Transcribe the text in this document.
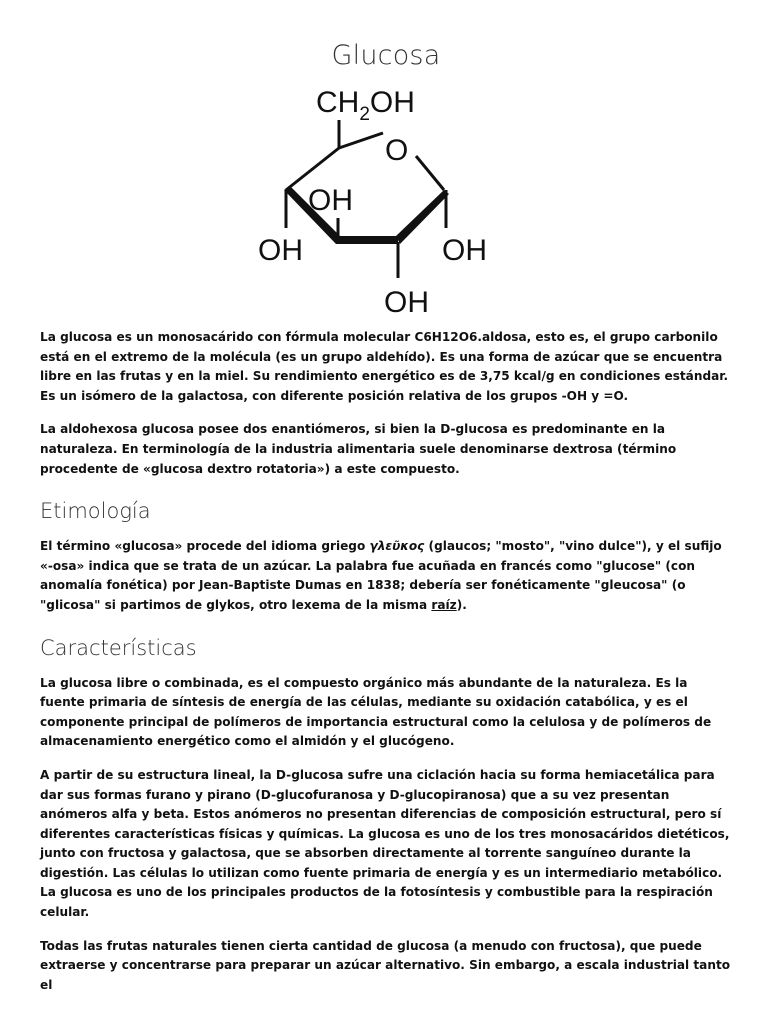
Glucosa
$CH_2OH$
O
OH
OH	OH
OH

La glucosa es un monosacárido con fórmula molecular C6H12O6.aldosa, esto es, el grupo carbonilo está en el extremo de la molécula (es un grupo aldehído). Es una forma de azúcar que se encuentra libre en las frutas y en la miel. Su rendimiento energético es de 3,75 kcal/g en condiciones estándar. Es un isómero de la galactosa, con diferente posición relativa de los grupos -OH y =O.

La aldohexosa glucosa posee dos enantiómeros, si bien la D-glucosa es predominante en la naturaleza. En terminología de la industria alimentaria suele denominarse dextrosa (término procedente de «glucosa dextro rotatoria») a este compuesto.

Etimología

El término «glucosa» procede del idioma griego γλεῦκος (glaucos; "mosto", "vino dulce"), y el sufijo «-osa» indica que se trata de un azúcar. La palabra fue acuñada en francés como "glucose" (con anomalía fonética) por Jean-Baptiste Dumas en 1838; debería ser fonéticamente "gleucosa" (o "glicosa" si partimos de glykos, otro lexema de la misma raíz).

Características

La glucosa libre o combinada, es el compuesto orgánico más abundante de la naturaleza. Es la fuente primaria de síntesis de energía de las células, mediante su oxidación catabólica, y es el componente principal de polímeros de importancia estructural como la celulosa y de polímeros de almacenamiento energético como el almidón y el glucógeno.

A partir de su estructura lineal, la D-glucosa sufre una ciclación hacia su forma hemiacetálica para dar sus formas furano y pirano (D-glucofuranosa y D-glucopiranosa) que a su vez presentan anómeros alfa y beta. Estos anómeros no presentan diferencias de composición estructural, pero sí diferentes características físicas y químicas. La glucosa es uno de los tres monosacáridos dietéticos, junto con fructosa y galactosa, que se absorben directamente al torrente sanguíneo durante la digestión. Las células lo utilizan como fuente primaria de energía y es un intermediario metabólico. La glucosa es uno de los principales productos de la fotosíntesis y combustible para la respiración celular.

Todas las frutas naturales tienen cierta cantidad de glucosa (a menudo con fructosa), que puede extraerse y concentrarse para preparar un azúcar alternativo. Sin embargo, a escala industrial tanto el
